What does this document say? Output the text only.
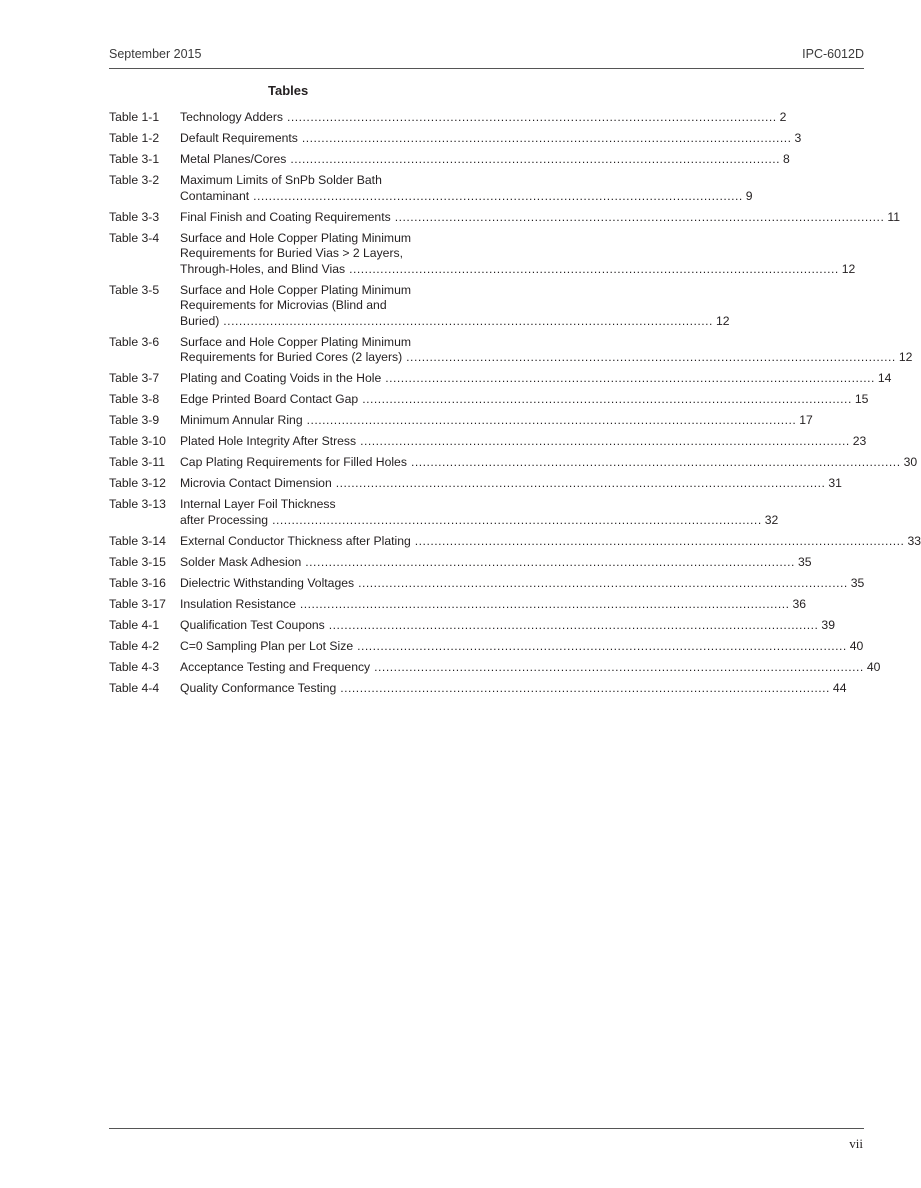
September 2015	IPC-6012D
Tables
Table 1-1	Technology Adders .............................................................................................................................. 2
Table 1-2	Default Requirements .............................................................................................................................. 3
Table 3-1	Metal Planes/Cores .............................................................................................................................. 8
Table 3-2	Maximum Limits of SnPb Solder Bath
Contaminant .............................................................................................................................. 9
Table 3-3	Final Finish and Coating Requirements .............................................................................................................................. 11
Table 3-4	Surface and Hole Copper Plating Minimum
Requirements for Buried Vias > 2 Layers,
Through-Holes, and Blind Vias .............................................................................................................................. 12
Table 3-5	Surface and Hole Copper Plating Minimum
Requirements for Microvias (Blind and
Buried) .............................................................................................................................. 12
Table 3-6	Surface and Hole Copper Plating Minimum
Requirements for Buried Cores (2 layers) .............................................................................................................................. 12
Table 3-7	Plating and Coating Voids in the Hole .............................................................................................................................. 14
Table 3-8	Edge Printed Board Contact Gap .............................................................................................................................. 15
Table 3-9	Minimum Annular Ring .............................................................................................................................. 17
Table 3-10	Plated Hole Integrity After Stress .............................................................................................................................. 23
Table 3-11	Cap Plating Requirements for Filled Holes .............................................................................................................................. 30
Table 3-12	Microvia Contact Dimension .............................................................................................................................. 31
Table 3-13	Internal Layer Foil Thickness
after Processing .............................................................................................................................. 32
Table 3-14	External Conductor Thickness after Plating .............................................................................................................................. 33
Table 3-15	Solder Mask Adhesion .............................................................................................................................. 35
Table 3-16	Dielectric Withstanding Voltages .............................................................................................................................. 35
Table 3-17	Insulation Resistance .............................................................................................................................. 36
Table 4-1	Qualification Test Coupons .............................................................................................................................. 39
Table 4-2	C=0 Sampling Plan per Lot Size .............................................................................................................................. 40
Table 4-3	Acceptance Testing and Frequency .............................................................................................................................. 40
Table 4-4	Quality Conformance Testing .............................................................................................................................. 44
vii
